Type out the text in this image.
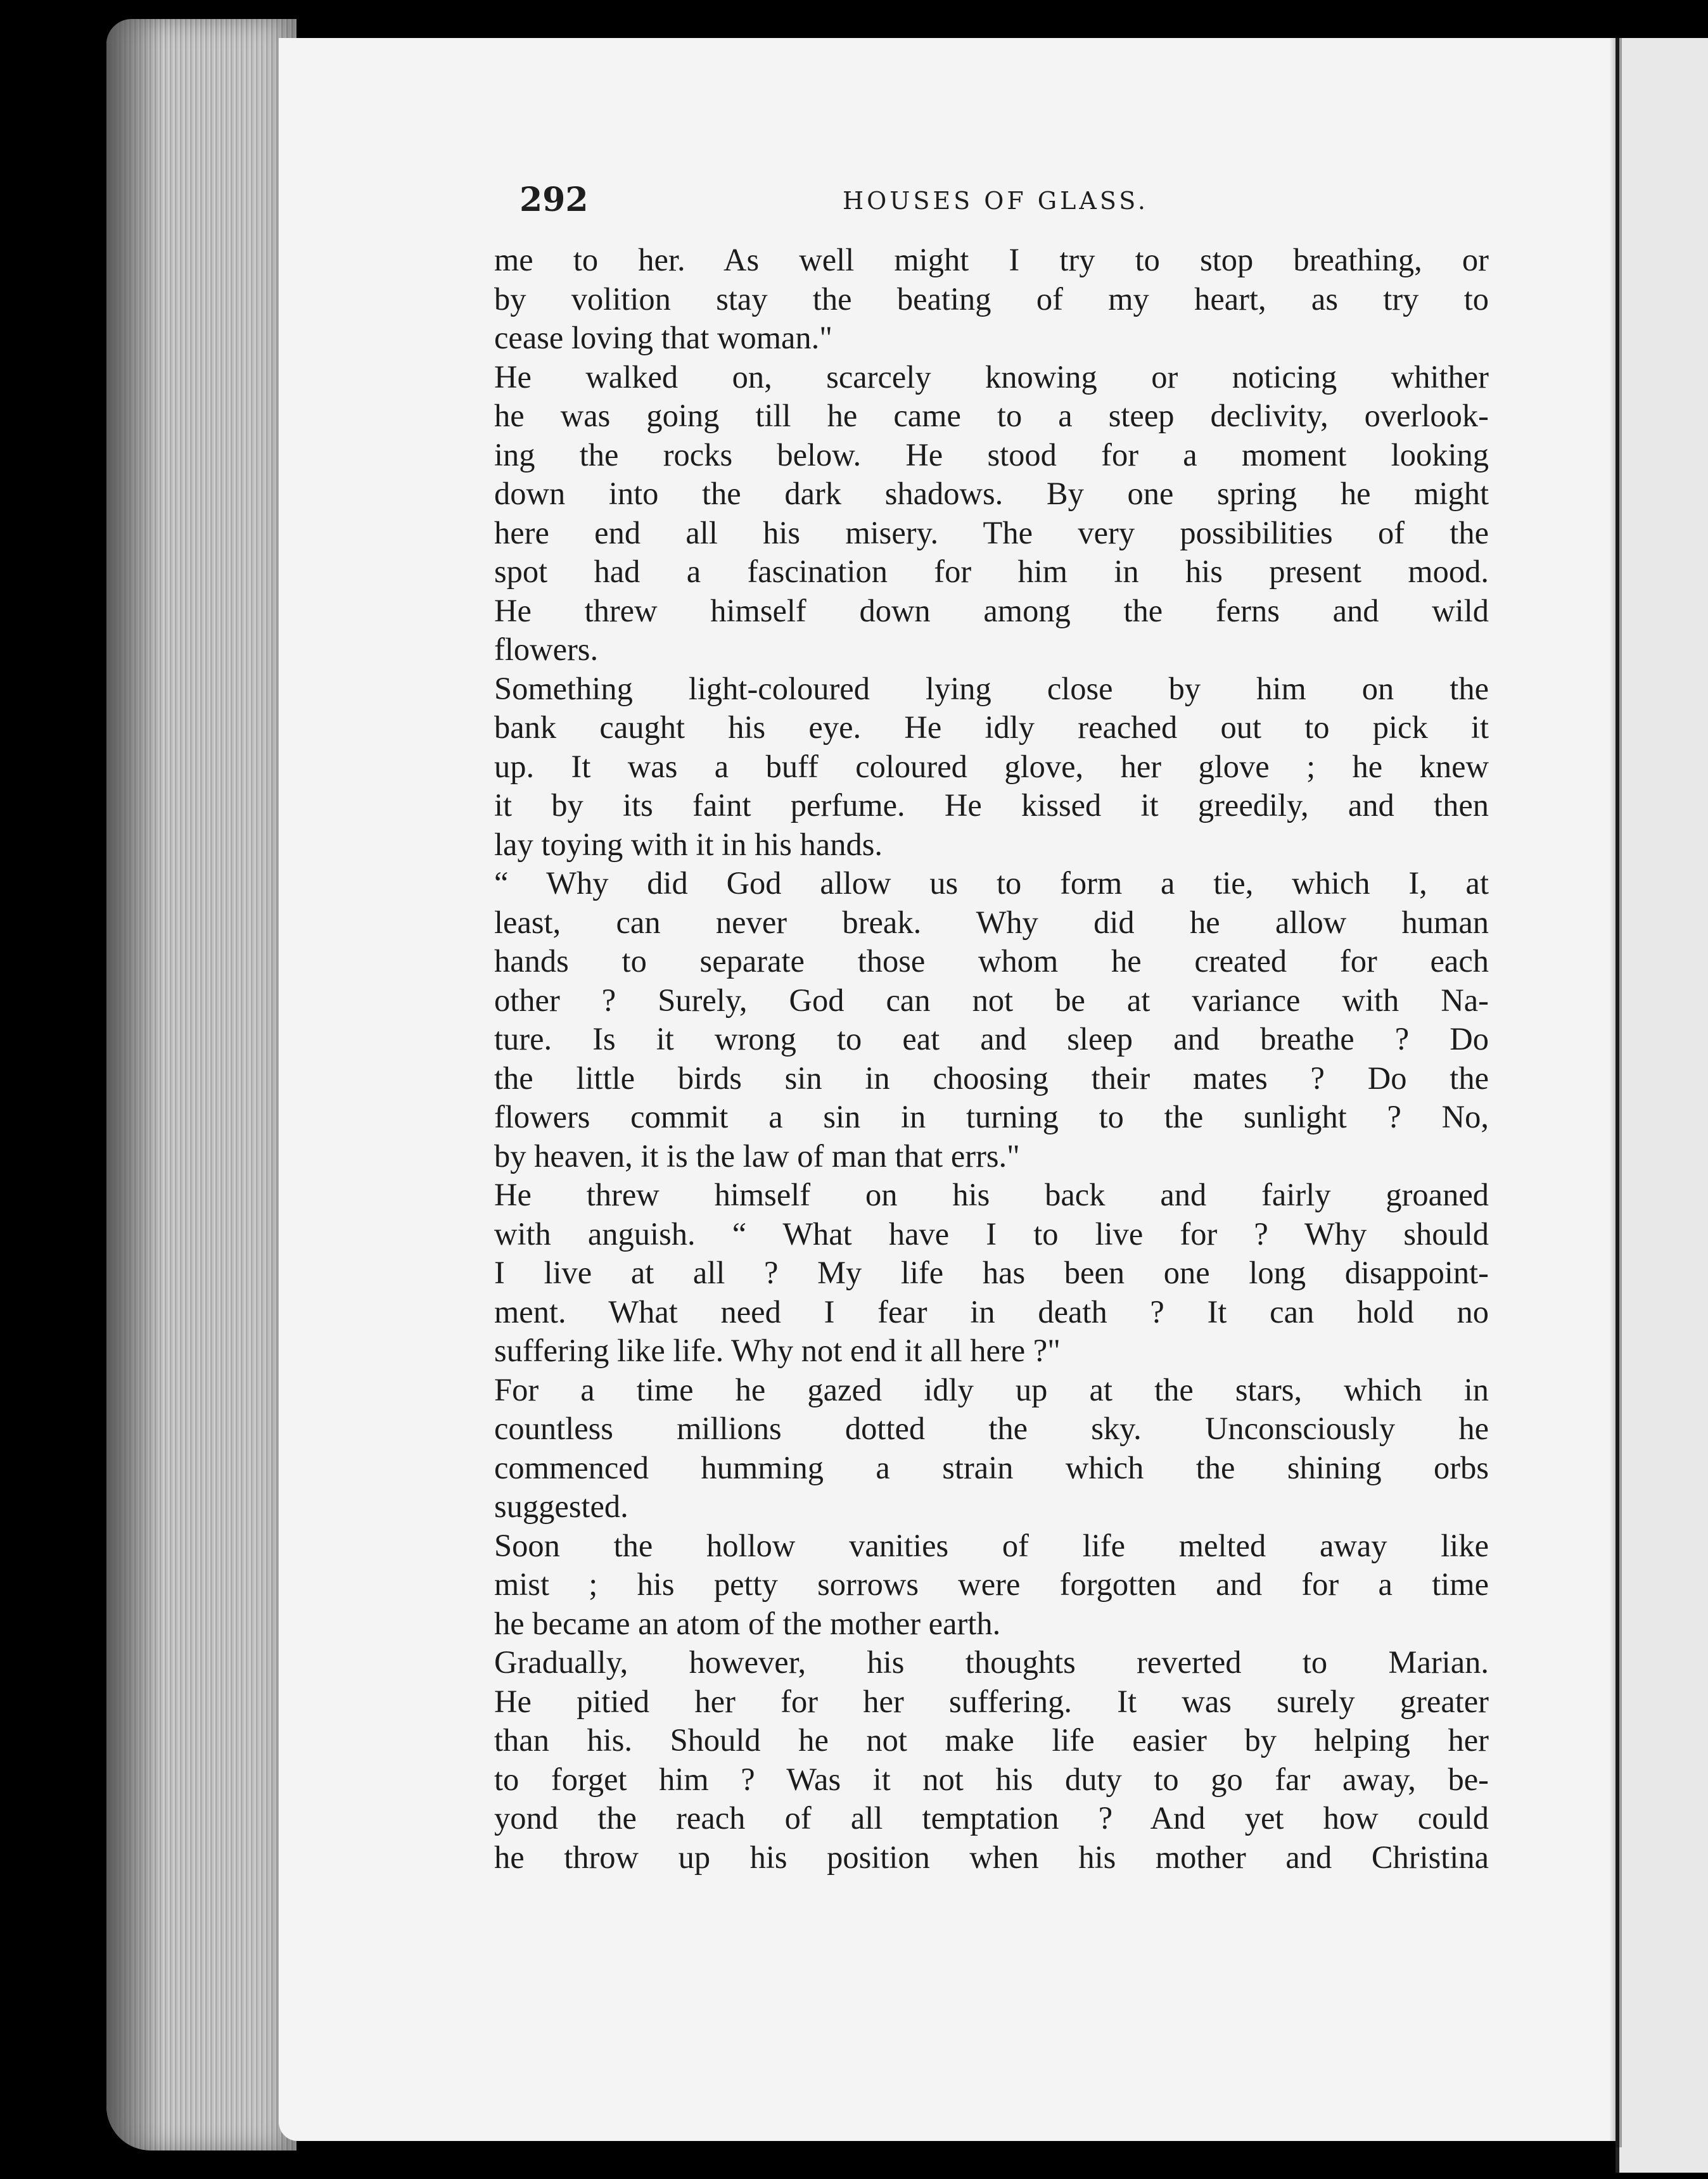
292	HOUSES OF GLASS.
me to her. As well might I try to stop breathing, or
by volition stay the beating of my heart, as try to
cease loving that woman."
He walked on, scarcely knowing or noticing whither
he was going till he came to a steep declivity, overlook-
ing the rocks below. He stood for a moment looking
down into the dark shadows. By one spring he might
here end all his misery. The very possibilities of the
spot had a fascination for him in his present mood.
He threw himself down among the ferns and wild
flowers.
Something light-coloured lying close by him on the
bank caught his eye. He idly reached out to pick it
up. It was a buff coloured glove, her glove ; he knew
it by its faint perfume. He kissed it greedily, and then
lay toying with it in his hands.
“ Why did God allow us to form a tie, which I, at
least, can never break. Why did he allow human
hands to separate those whom he created for each
other ? Surely, God can not be at variance with Na-
ture. Is it wrong to eat and sleep and breathe ? Do
the little birds sin in choosing their mates ? Do the
flowers commit a sin in turning to the sunlight ? No,
by heaven, it is the law of man that errs."
He threw himself on his back and fairly groaned
with anguish. “ What have I to live for ? Why should
I live at all ? My life has been one long disappoint-
ment. What need I fear in death ? It can hold no
suffering like life. Why not end it all here ?"
For a time he gazed idly up at the stars, which in
countless millions dotted the sky. Unconsciously he
commenced humming a strain which the shining orbs
suggested.
Soon the hollow vanities of life melted away like
mist ; his petty sorrows were forgotten and for a time
he became an atom of the mother earth.
Gradually, however, his thoughts reverted to Marian.
He pitied her for her suffering. It was surely greater
than his. Should he not make life easier by helping her
to forget him ? Was it not his duty to go far away, be-
yond the reach of all temptation ? And yet how could
he throw up his position when his mother and Christina
